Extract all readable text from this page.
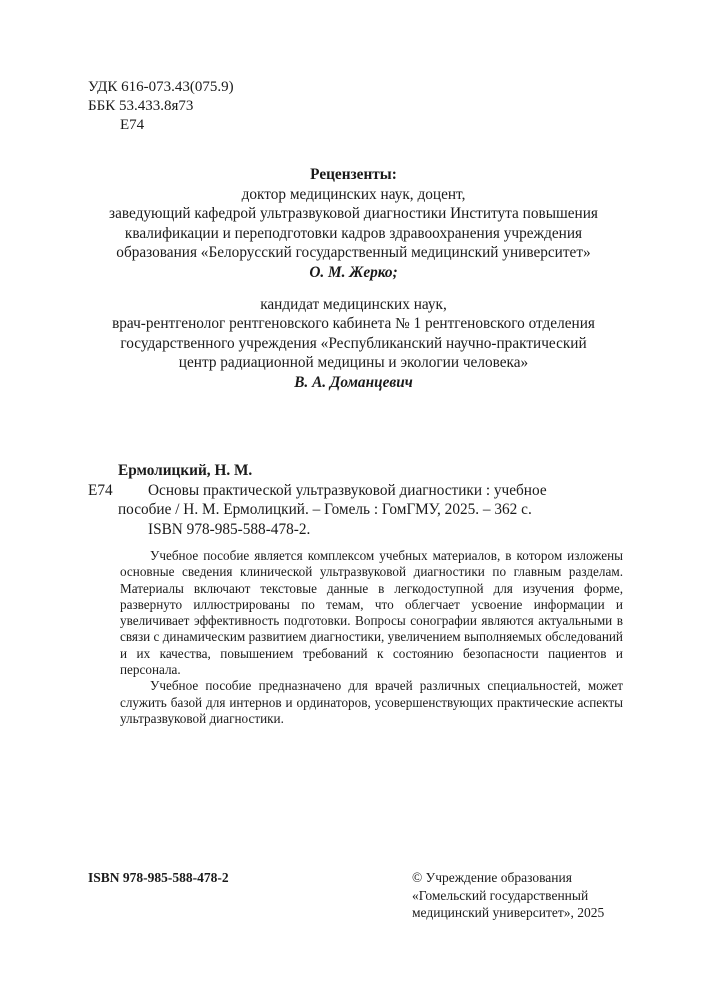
УДК 616-073.43(075.9)
ББК 53.433.8я73
Е74
Рецензенты:
доктор медицинских наук, доцент,
заведующий кафедрой ультразвуковой диагностики Института повышения
квалификации и переподготовки кадров здравоохранения учреждения
образования «Белорусский государственный медицинский университет»
О. М. Жерко;
кандидат медицинских наук,
врач-рентгенолог рентгеновского кабинета № 1 рентгеновского отделения
государственного учреждения «Республиканский научно-практический
центр радиационной медицины и экологии человека»
В. А. Доманцевич
Ермолицкий, Н. М.
Е74	Основы практической ультразвуковой диагностики : учебное
пособие / Н. М. Ермолицкий. – Гомель : ГомГМУ, 2025. – 362 с.
ISBN 978-985-588-478-2.

Учебное пособие является комплексом учебных материалов, в котором изложены основные сведения клинической ультразвуковой диагностики по главным разделам. Материалы включают текстовые данные в легкодоступной для изучения форме, развернуто иллюстрированы по темам, что облегчает усвоение информации и увеличивает эффективность подготовки. Вопросы сонографии являются актуальными в связи с динамическим развитием диагностики, увеличением выполняемых обследований и их качества, повышением требований к состоянию безопасности пациентов и персонала.

Учебное пособие предназначено для врачей различных специальностей, может служить базой для интернов и ординаторов, усовершенствующих практические аспекты ультразвуковой диагностики.

ISBN 978-985-588-478-2	© Учреждение образования
«Гомельский государственный
медицинский университет», 2025
